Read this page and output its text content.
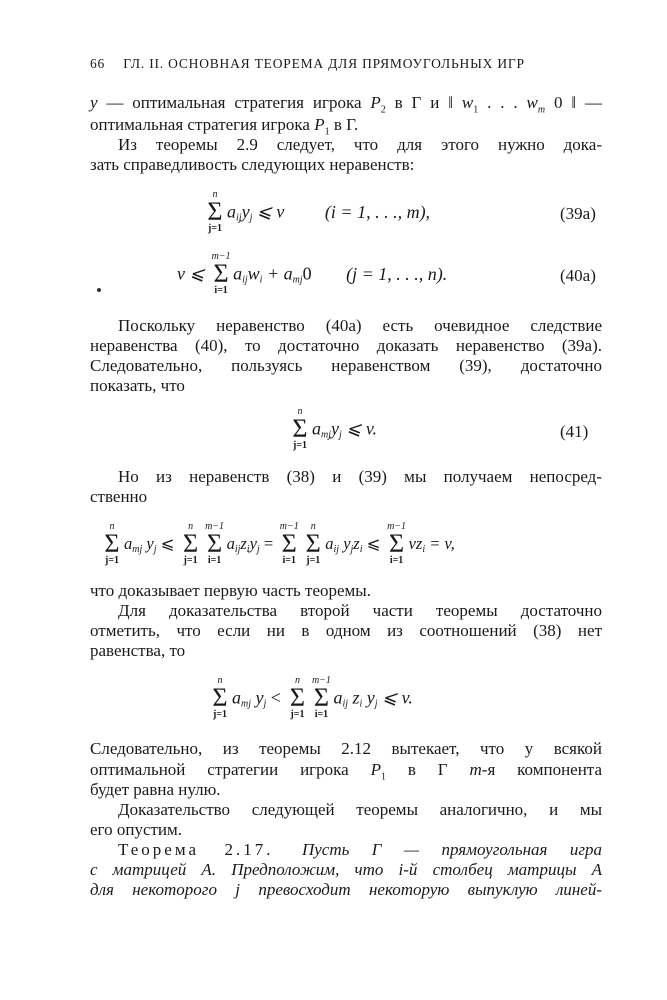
66 ГЛ. II. ОСНОВНАЯ ТЕОРЕМА ДЛЯ ПРЯМОУГОЛЬНЫХ ИГР
y — оптимальная стратегия игрока $P_2$ в Г и ‖ $w_1$ . . . $w_m$ 0 ‖ —
оптимальная стратегия игрока $P_1$ в Г.
Из теоремы 2.9 следует, что для этого нужно дока-
зать справедливость следующих неравенств:
n
Σ
j=1
$a_{ij}y_j$ ⩽ v (i = 1, . . ., m),	(39a)
v ⩽
m−1
Σ
i=1
$a_{ij}w_i + a_{mj}0$ (j = 1, . . ., n).	(40a)
Поскольку неравенство (40a) есть очевидное следствие
неравенства (40), то достаточно доказать неравенство (39a).
Следовательно, пользуясь неравенством (39), достаточно
показать, что
n
Σ
j=1
$a_{mj}y_j$ ⩽ v.	(41)
Но из неравенств (38) и (39) мы получаем непосред-
ственно
n
Σ
j=1
$a_{mj}$ $y_j$ ⩽
n
Σ
j=1
m−1
Σ
i=1
$a_{ij}z_iy_j$ =
m−1
Σ
i=1
n
Σ
j=1
$a_{ij}$ $y_jz_i$ ⩽
m−1
Σ
i=1
$vz_i = v$,
что доказывает первую часть теоремы.
Для доказательства второй части теоремы достаточно
отметить, что если ни в одном из соотношений (38) нет
равенства, то
n
Σ
j=1
$a_{mj}$ $y_j$ <
n
Σ
j=1
m−1
Σ
i=1
$a_{ij}$ $z_i$ $y_j$ ⩽ v.
Следовательно, из теоремы 2.12 вытекает, что у всякой
оптимальной стратегии игрока $P_1$ в Г m-я компонента
будет равна нулю.
Доказательство следующей теоремы аналогично, и мы
его опустим.
Теорема 2.17. Пусть Г — прямоугольная игра
с матрицей A. Предположим, что i-й столбец матрицы A
для некоторого j превосходит некоторую выпуклую линей-
